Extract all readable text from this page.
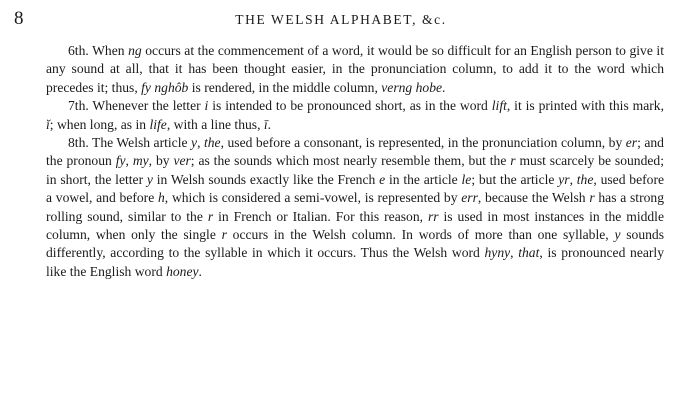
8	THE WELSH ALPHABET, &c.

6th. When ng occurs at the commencement of a word, it would be so difficult for an English person to give it any sound at all, that it has been thought easier, in the pronunciation column, to add it to the word which precedes it; thus, fy nghôb is rendered, in the middle column, verng hobe.

7th. Whenever the letter i is intended to be pronounced short, as in the word lift, it is printed with this mark, ĭ; when long, as in life, with a line thus, ī.

8th. The Welsh article y, the, used before a consonant, is represented, in the pronunciation column, by er; and the pronoun fy, my, by ver; as the sounds which most nearly resemble them, but the r must scarcely be sounded; in short, the letter y in Welsh sounds exactly like the French e in the article le; but the article yr, the, used before a vowel, and before h, which is considered a semi-vowel, is represented by err, because the Welsh r has a strong rolling sound, similar to the r in French or Italian. For this reason, rr is used in most instances in the middle column, when only the single r occurs in the Welsh column. In words of more than one syllable, y sounds differently, according to the syllable in which it occurs. Thus the Welsh word hyny, that, is pronounced nearly like the English word honey.
